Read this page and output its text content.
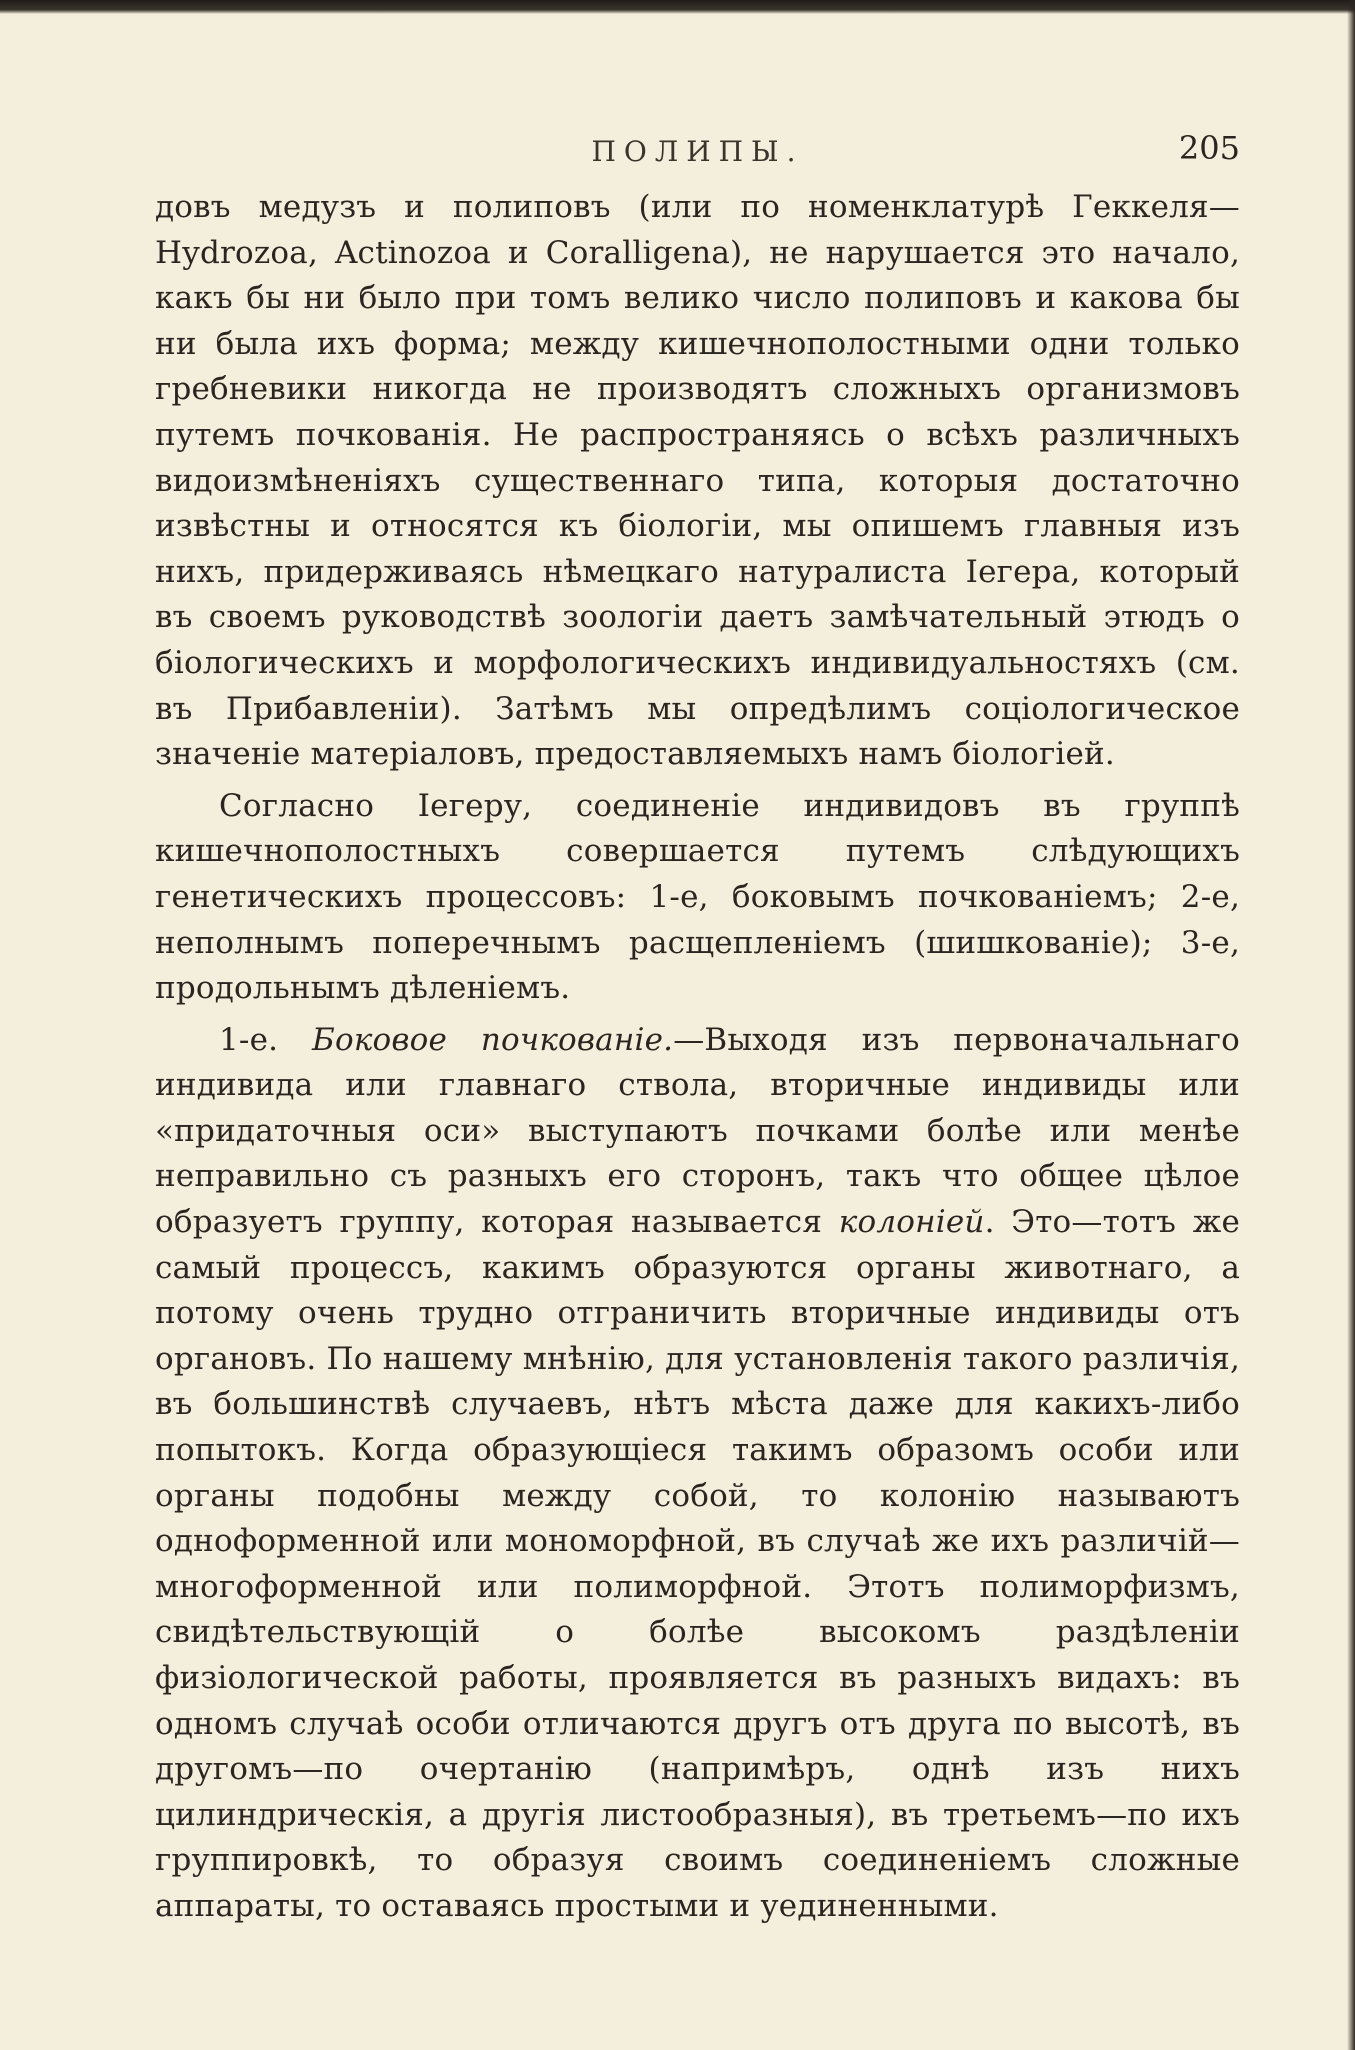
ПОЛИПЫ.	205

довъ медузъ и полиповъ (или по номенклатурѣ Геккеля—Hydrozoa, Actinozoa и Coralligena), не нарушается это начало, какъ бы ни было при томъ велико число полиповъ и какова бы ни была ихъ форма; между кишечнополостными одни только гребневики никогда не производятъ сложныхъ организмовъ путемъ почкованія. Не распространяясь о всѣхъ различныхъ видоизмѣненіяхъ существеннаго типа, которыя достаточно извѣстны и относятся къ біологіи, мы опишемъ главныя изъ нихъ, придерживаясь нѣмецкаго натуралиста Іегера, который въ своемъ руководствѣ зоологіи даетъ замѣчательный этюдъ о біологическихъ и морфологическихъ индивидуальностяхъ (см. въ Прибавленіи). Затѣмъ мы опредѣлимъ соціологическое значеніе матеріаловъ, предоставляемыхъ намъ біологіей.

Согласно Іегеру, соединеніе индивидовъ въ группѣ кишечнополостныхъ совершается путемъ слѣдующихъ генетическихъ процессовъ: 1-е, боковымъ почкованіемъ; 2-е, неполнымъ поперечнымъ расщепленіемъ (шишкованіе); 3-е, продольнымъ дѣленіемъ.

1-е. Боковое почкованіе.—Выходя изъ первоначальнаго индивида или главнаго ствола, вторичные индивиды или «придаточныя оси» выступаютъ почками болѣе или менѣе неправильно съ разныхъ его сторонъ, такъ что общее цѣлое образуетъ группу, которая называется колоніей. Это—тотъ же самый процессъ, какимъ образуются органы животнаго, а потому очень трудно отграничить вторичные индивиды отъ органовъ. По нашему мнѣнію, для установленія такого различія, въ большинствѣ случаевъ, нѣтъ мѣста даже для какихъ-либо попытокъ. Когда образующіеся такимъ образомъ особи или органы подобны между собой, то колонію называютъ одноформенной или мономорфной, въ случаѣ же ихъ различій—многоформенной или полиморфной. Этотъ полиморфизмъ, свидѣтельствующій о болѣе высокомъ раздѣленіи физіологической работы, проявляется въ разныхъ видахъ: въ одномъ случаѣ особи отличаются другъ отъ друга по высотѣ, въ другомъ—по очертанію (напримѣръ, однѣ изъ нихъ цилиндрическія, а другія листообразныя), въ третьемъ—по ихъ группировкѣ, то образуя своимъ соединеніемъ сложные аппараты, то оставаясь простыми и уединенными.
